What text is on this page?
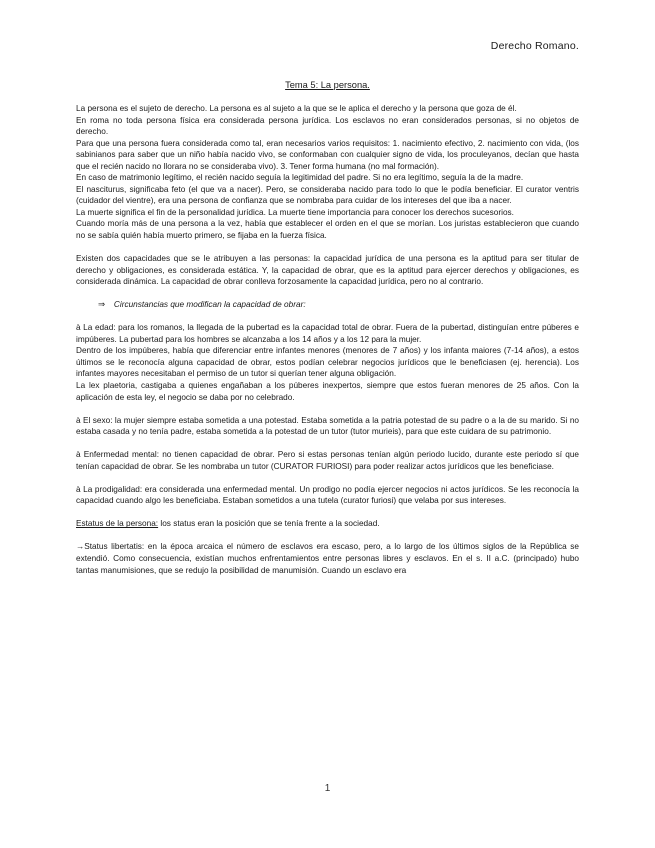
Derecho Romano.
Tema 5: La persona.

La persona es el sujeto de derecho. La persona es al sujeto a la que se le aplica el derecho y la persona que goza de él.

En roma no toda persona física era considerada persona jurídica. Los esclavos no eran considerados personas, si no objetos de derecho.

Para que una persona fuera considerada como tal, eran necesarios varios requisitos: 1. nacimiento efectivo, 2. nacimiento con vida, (los sabinianos para saber que un niño había nacido vivo, se conformaban con cualquier signo de vida, los proculeyanos, decían que hasta que el recién nacido no llorara no se consideraba vivo). 3. Tener forma humana (no mal formación).

En caso de matrimonio legítimo, el recién nacido seguía la legitimidad del padre. Si no era legítimo, seguía la de la madre.

El nasciturus, significaba feto (el que va a nacer). Pero, se consideraba nacido para todo lo que le podía beneficiar. El curator ventris (cuidador del vientre), era una persona de confianza que se nombraba para cuidar de los intereses del que iba a nacer.

La muerte significa el fin de la personalidad jurídica. La muerte tiene importancia para conocer los derechos sucesorios.

Cuando moría más de una persona a la vez, había que establecer el orden en el que se morían. Los juristas establecieron que cuando no se sabía quién había muerto primero, se fijaba en la fuerza física.

Existen dos capacidades que se le atribuyen a las personas: la capacidad jurídica de una persona es la aptitud para ser titular de derecho y obligaciones, es considerada estática. Y, la capacidad de obrar, que es la aptitud para ejercer derechos y obligaciones, es considerada dinámica. La capacidad de obrar conlleva forzosamente la capacidad jurídica, pero no al contrario.

⇒ Circunstancias que modifican la capacidad de obrar:

à La edad: para los romanos, la llegada de la pubertad es la capacidad total de obrar. Fuera de la pubertad, distinguían entre púberes e impúberes. La pubertad para los hombres se alcanzaba a los 14 años y a los 12 para la mujer.

Dentro de los impúberes, había que diferenciar entre infantes menores (menores de 7 años) y los infanta maiores (7-14 años), a estos últimos se le reconocía alguna capacidad de obrar, estos podían celebrar negocios jurídicos que le beneficiasen (ej. herencia). Los infantes mayores necesitaban el permiso de un tutor si querían tener alguna obligación.

La lex plaetoria, castigaba a quienes engañaban a los púberes inexpertos, siempre que estos fueran menores de 25 años. Con la aplicación de esta ley, el negocio se daba por no celebrado.

à El sexo: la mujer siempre estaba sometida a una potestad. Estaba sometida a la patria potestad de su padre o a la de su marido. Si no estaba casada y no tenía padre, estaba sometida a la potestad de un tutor (tutor murieis), para que este cuidara de su patrimonio.

à Enfermedad mental: no tienen capacidad de obrar. Pero si estas personas tenían algún periodo lucido, durante este periodo sí que tenían capacidad de obrar. Se les nombraba un tutor (CURATOR FURIOSI) para poder realizar actos jurídicos que les beneficiase.

à La prodigalidad: era considerada una enfermedad mental. Un prodigo no podía ejercer negocios ni actos jurídicos. Se les reconocía la capacidad cuando algo les beneficiaba. Estaban sometidos a una tutela (curator furiosi) que velaba por sus intereses.

Estatus de la persona: los status eran la posición que se tenía frente a la sociedad.

→Status libertatis: en la época arcaica el número de esclavos era escaso, pero, a lo largo de los últimos siglos de la República se extendió. Como consecuencia, existían muchos enfrentamientos entre personas libres y esclavos. En el s. II a.C. (principado) hubo tantas manumisiones, que se redujo la posibilidad de manumisión. Cuando un esclavo era

1
